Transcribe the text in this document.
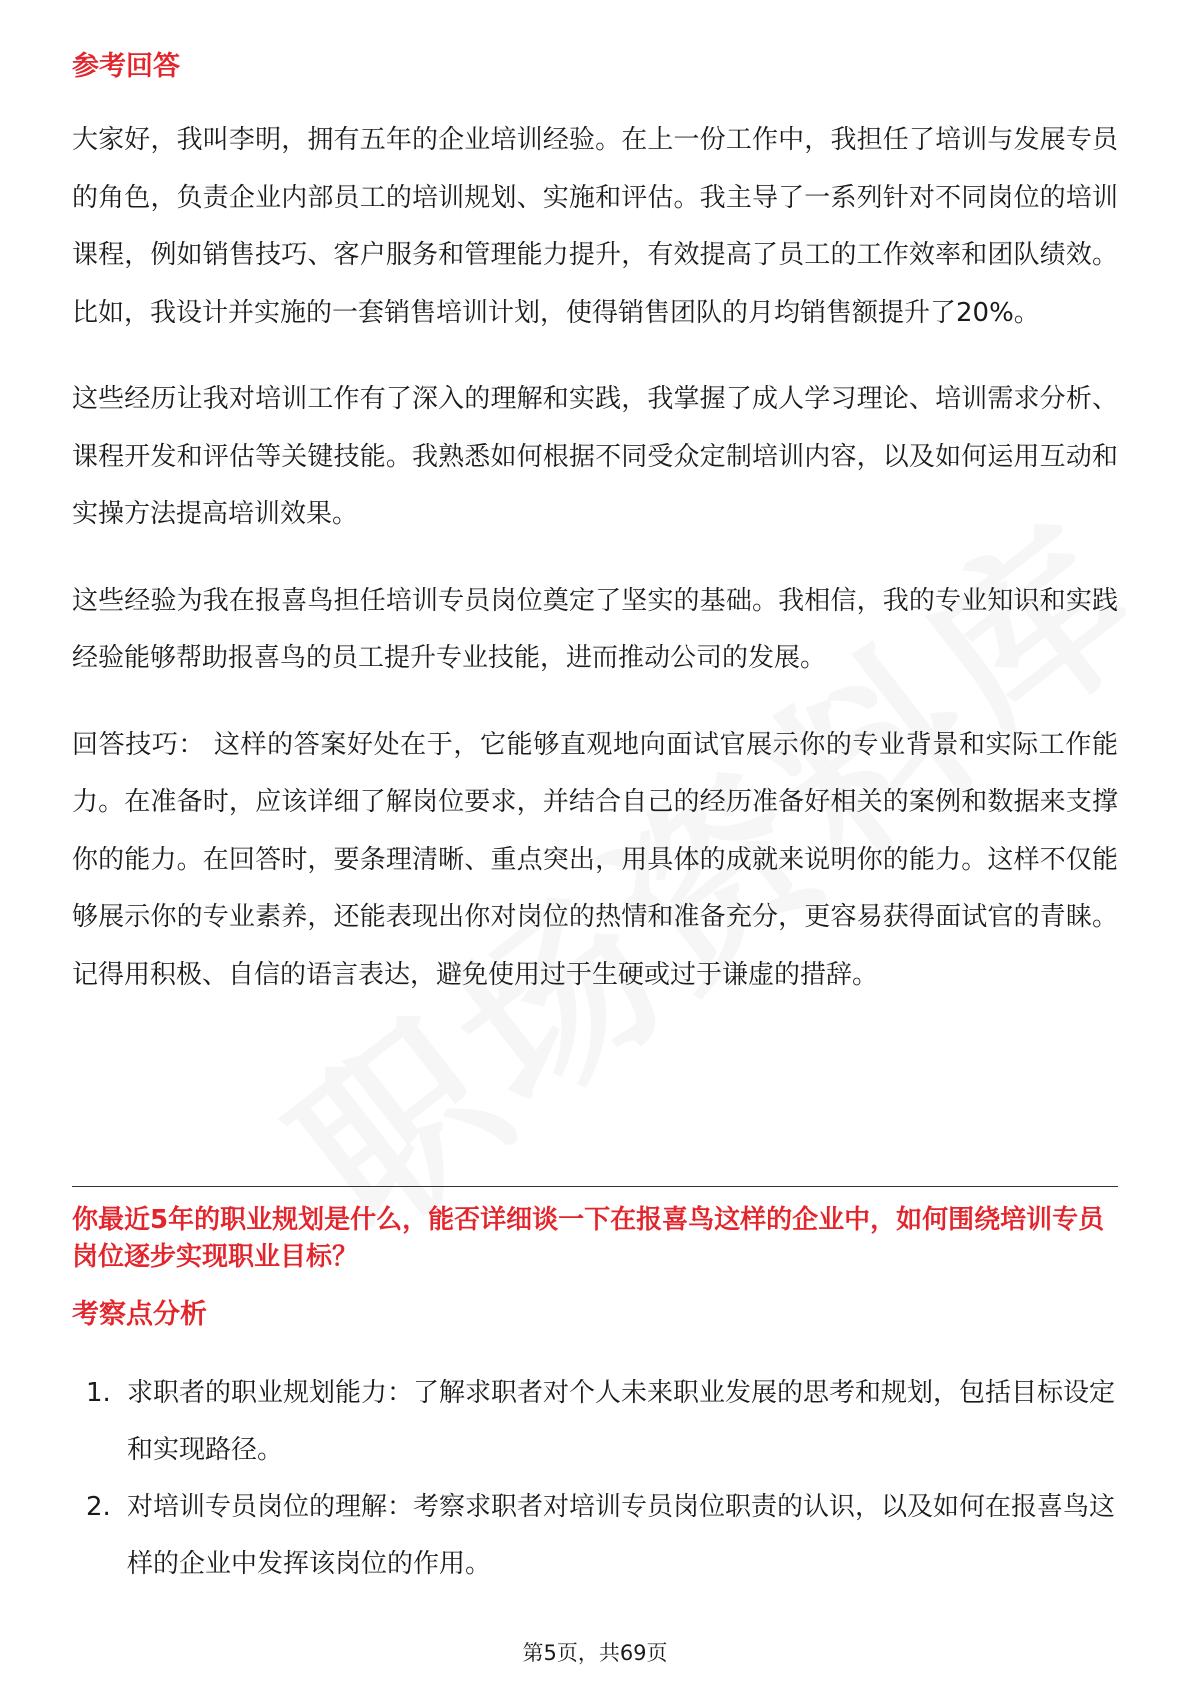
参考回答

大家好，我叫李明，拥有五年的企业培训经验。在上一份工作中，我担任了培训与发展专员的角色，负责企业内部员工的培训规划、实施和评估。我主导了一系列针对不同岗位的培训课程，例如销售技巧、客户服务和管理能力提升，有效提高了员工的工作效率和团队绩效。比如，我设计并实施的一套销售培训计划，使得销售团队的月均销售额提升了20%。

这些经历让我对培训工作有了深入的理解和实践，我掌握了成人学习理论、培训需求分析、课程开发和评估等关键技能。我熟悉如何根据不同受众定制培训内容，以及如何运用互动和实操方法提高培训效果。

这些经验为我在报喜鸟担任培训专员岗位奠定了坚实的基础。我相信，我的专业知识和实践经验能够帮助报喜鸟的员工提升专业技能，进而推动公司的发展。

回答技巧： 这样的答案好处在于，它能够直观地向面试官展示你的专业背景和实际工作能力。在准备时，应该详细了解岗位要求，并结合自己的经历准备好相关的案例和数据来支撑你的能力。在回答时，要条理清晰、重点突出，用具体的成就来说明你的能力。这样不仅能够展示你的专业素养，还能表现出你对岗位的热情和准备充分，更容易获得面试官的青睐。记得用积极、自信的语言表达，避免使用过于生硬或过于谦虚的措辞。

你最近5年的职业规划是什么，能否详细谈一下在报喜鸟这样的企业中，如何围绕培训专员岗位逐步实现职业目标？

考察点分析
1. 求职者的职业规划能力：了解求职者对个人未来职业发展的思考和规划，包括目标设定和实现路径。
2. 对培训专员岗位的理解：考察求职者对培训专员岗位职责的认识，以及如何在报喜鸟这样的企业中发挥该岗位的作用。
第5页，共69页
